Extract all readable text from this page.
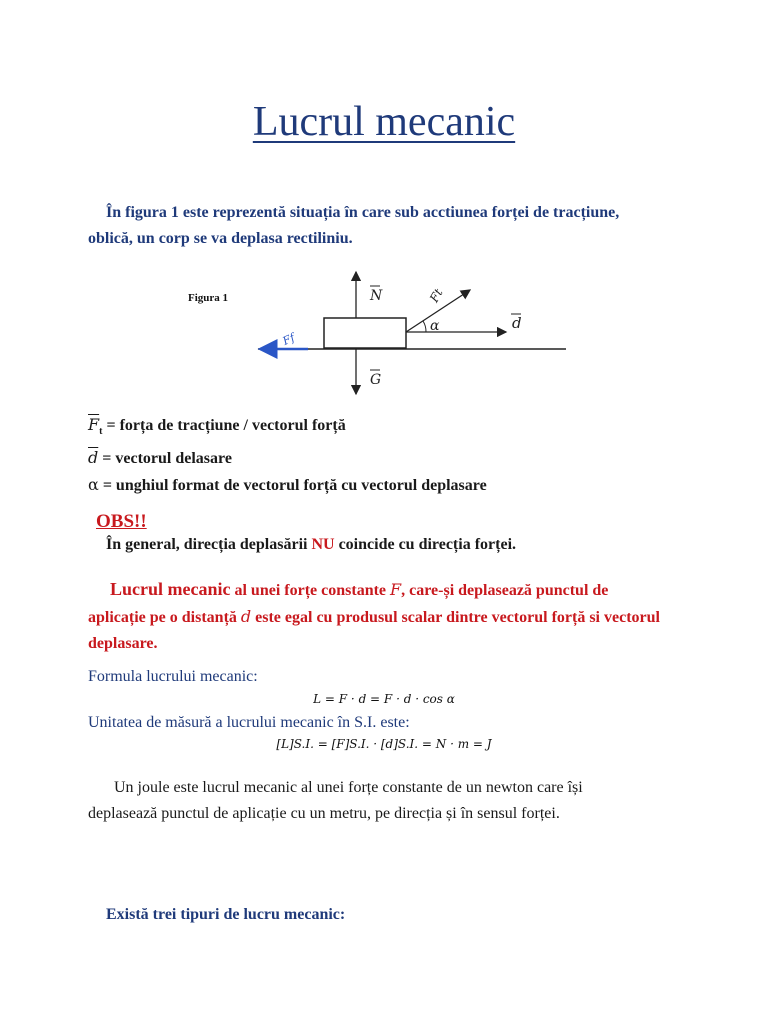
Lucrul mecanic
În figura 1 este reprezentă situația în care sub acctiunea forței de tracțiune,
oblică, un corp se va deplasa rectiliniu.
Figura 1	N
G
Ft
α	d
Ff
$\overline{F}_t$ = forța de tracțiune / vectorul forță
$\overline{d}$ = vectorul delasare
α = unghiul format de vectorul forță cu vectorul deplasare
OBS!!
În general, direcția deplasării NU coincide cu direcția forței.
Lucrul mecanic al unei forțe constante F, care-și deplasează punctul de
aplicație pe o distanță d este egal cu produsul scalar dintre vectorul forță si vectorul
deplasare.
Formula lucrului mecanic:
L = F · d = F · d · cos α
Unitatea de măsură a lucrului mecanic în S.I. este:
[L]S.I. = [F]S.I. · [d]S.I. = N · m = J
Un joule este lucrul mecanic al unei forțe constante de un newton care își
deplasează punctul de aplicație cu un metru, pe direcția și în sensul forței.
Există trei tipuri de lucru mecanic:
